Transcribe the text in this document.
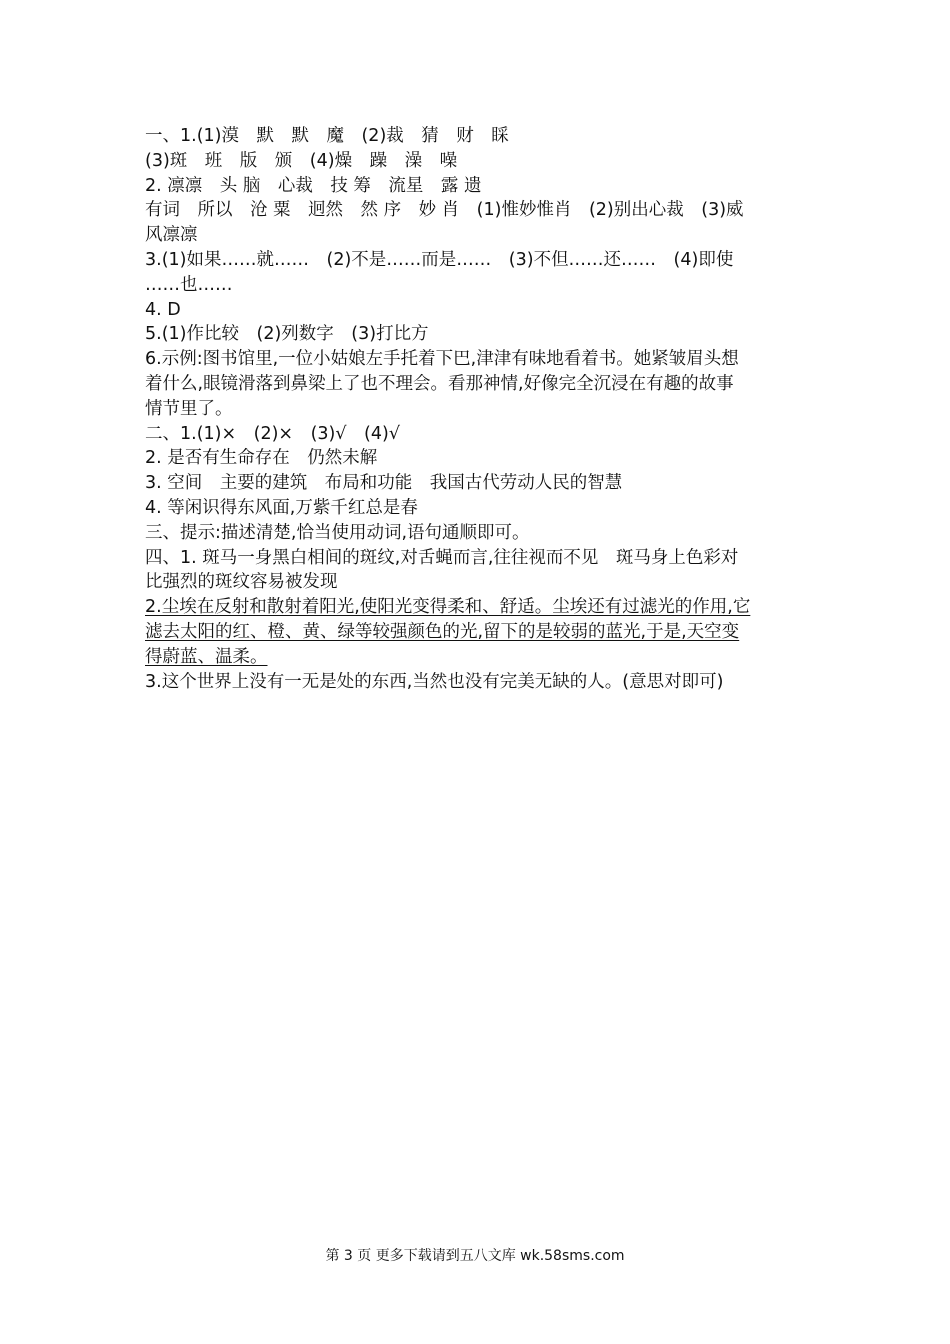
一、1.(1)漠　默　默　魔　(2)裁　猜　财　睬

(3)斑　班　版　颁　(4)燥　躁　澡　噪

2. 凛凛　头 脑　心裁　技 筹　流星　露 遗

有词　所以　沧 粟　迥然　然 序　妙 肖　(1)惟妙惟肖　(2)别出心裁　(3)威

风凛凛

3.(1)如果……就……　(2)不是……而是……　(3)不但……还……　(4)即使

……也……

4. D

5.(1)作比较　(2)列数字　(3)打比方

6.示例:图书馆里,一位小姑娘左手托着下巴,津津有味地看着书。她紧皱眉头想

着什么,眼镜滑落到鼻梁上了也不理会。看那神情,好像完全沉浸在有趣的故事

情节里了。

二、1.(1)×　(2)×　(3)√　(4)√

2. 是否有生命存在　仍然未解

3. 空间　主要的建筑　布局和功能　我国古代劳动人民的智慧

4. 等闲识得东风面,万紫千红总是春

三、提示:描述清楚,恰当使用动词,语句通顺即可。

四、1. 斑马一身黑白相间的斑纹,对舌蝇而言,往往视而不见　斑马身上色彩对

比强烈的斑纹容易被发现

2.尘埃在反射和散射着阳光,使阳光变得柔和、舒适。尘埃还有过滤光的作用,它

滤去太阳的红、橙、黄、绿等较强颜色的光,留下的是较弱的蓝光,于是,天空变

得蔚蓝、温柔。

3.这个世界上没有一无是处的东西,当然也没有完美无缺的人。(意思对即可)

第 3 页 更多下载请到五八文库 wk.58sms.com
